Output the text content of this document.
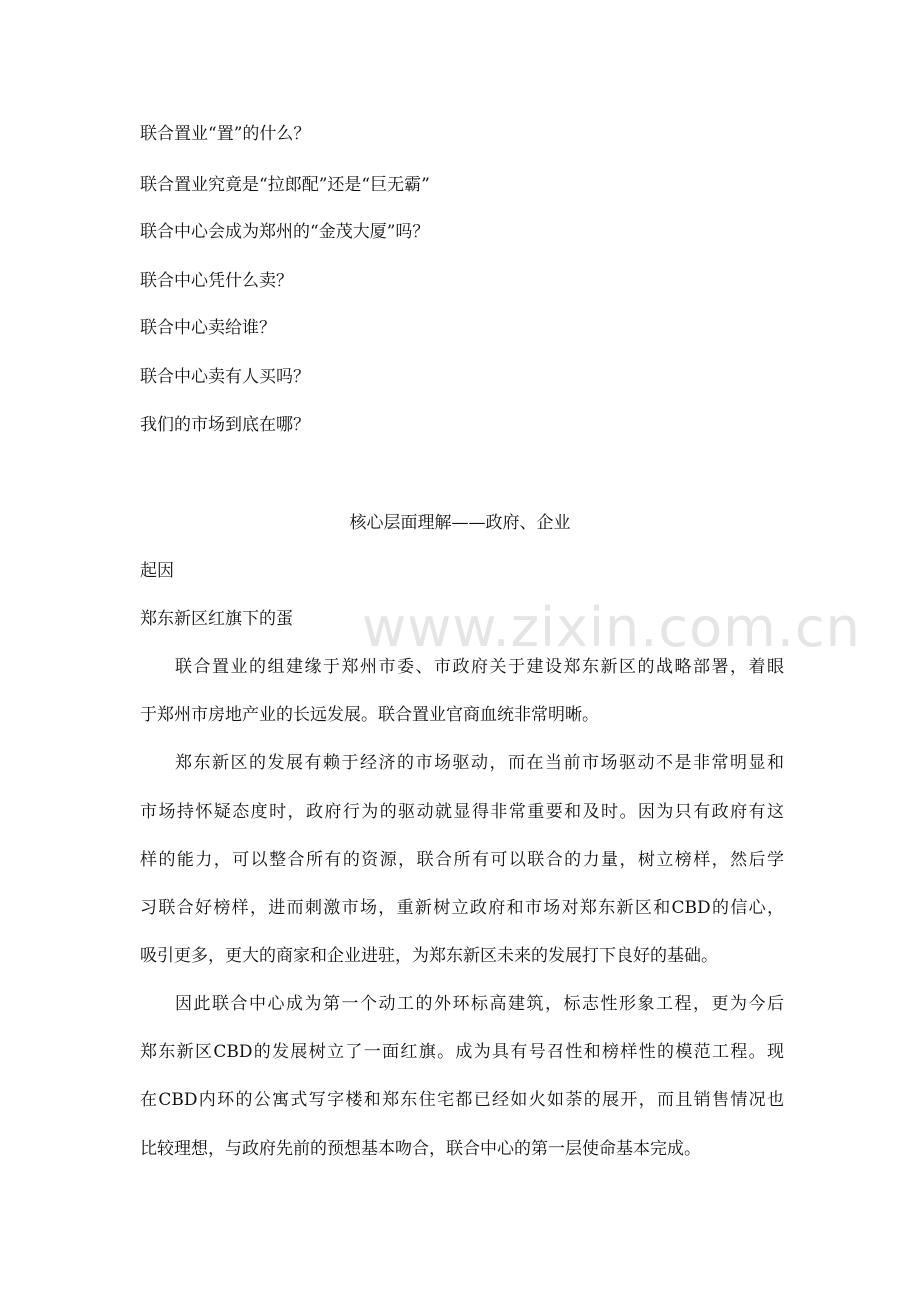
联合置业“置”的什么？
联合置业究竟是“拉郎配”还是“巨无霸”
联合中心会成为郑州的“金茂大厦”吗？
联合中心凭什么卖？
联合中心卖给谁？
联合中心卖有人买吗？
我们的市场到底在哪？
核心层面理解——政府、企业
起因
郑东新区红旗下的蛋 www.zixin.com.cn
联合置业的组建缘于郑州市委、市政府关于建设郑东新区的战略部署，着眼
于郑州市房地产业的长远发展。联合置业官商血统非常明晰。
郑东新区的发展有赖于经济的市场驱动，而在当前市场驱动不是非常明显和
市场持怀疑态度时，政府行为的驱动就显得非常重要和及时。因为只有政府有这
样的能力，可以整合所有的资源，联合所有可以联合的力量，树立榜样，然后学
习联合好榜样，进而刺激市场，重新树立政府和市场对郑东新区和CBD的信心，
吸引更多，更大的商家和企业进驻，为郑东新区未来的发展打下良好的基础。
因此联合中心成为第一个动工的外环标高建筑，标志性形象工程，更为今后
郑东新区CBD的发展树立了一面红旗。成为具有号召性和榜样性的模范工程。现
在CBD内环的公寓式写字楼和郑东住宅都已经如火如荼的展开，而且销售情况也
比较理想，与政府先前的预想基本吻合，联合中心的第一层使命基本完成。
